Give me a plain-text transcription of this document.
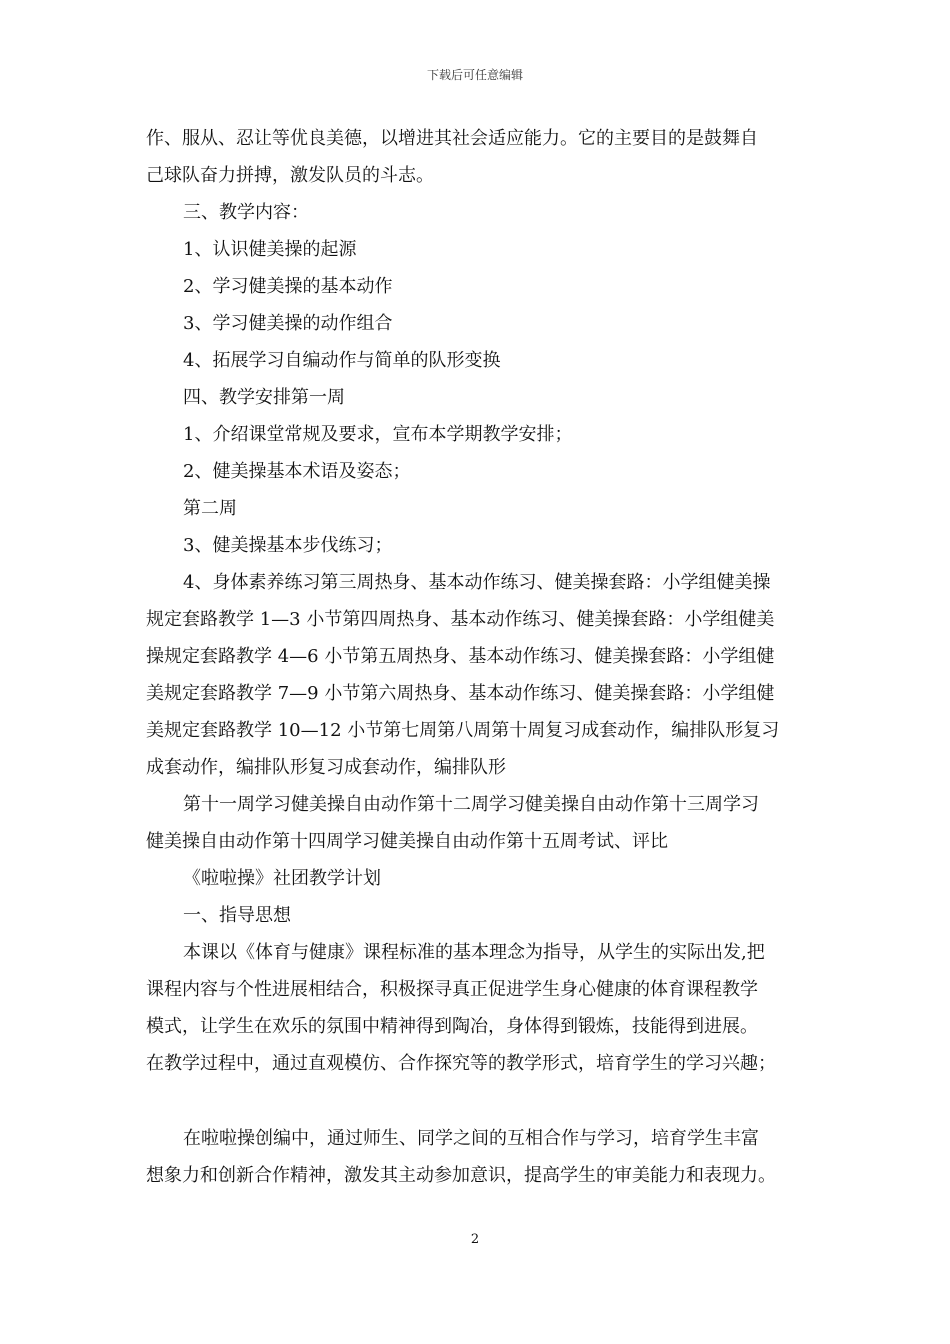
下载后可任意编辑
作、服从、忍让等优良美德，以增进其社会适应能力。它的主要目的是鼓舞自
己球队奋力拼搏，激发队员的斗志。
三、教学内容：
1、认识健美操的起源
2、学习健美操的基本动作
3、学习健美操的动作组合
4、拓展学习自编动作与简单的队形变换
四、教学安排第一周
1、介绍课堂常规及要求，宣布本学期教学安排；
2、健美操基本术语及姿态；
第二周
3、健美操基本步伐练习；
4、身体素养练习第三周热身、基本动作练习、健美操套路：小学组健美操
规定套路教学 1—3 小节第四周热身、基本动作练习、健美操套路：小学组健美
操规定套路教学 4—6 小节第五周热身、基本动作练习、健美操套路：小学组健
美规定套路教学 7—9 小节第六周热身、基本动作练习、健美操套路：小学组健
美规定套路教学 10—12 小节第七周第八周第十周复习成套动作，编排队形复习
成套动作，编排队形复习成套动作，编排队形
第十一周学习健美操自由动作第十二周学习健美操自由动作第十三周学习
健美操自由动作第十四周学习健美操自由动作第十五周考试、评比
《啦啦操》社团教学计划
一、指导思想
本课以《体育与健康》课程标准的基本理念为指导，从学生的实际出发,把
课程内容与个性进展相结合，积极探寻真正促进学生身心健康的体育课程教学
模式，让学生在欢乐的氛围中精神得到陶冶，身体得到锻炼，技能得到进展。
在教学过程中，通过直观模仿、合作探究等的教学形式，培育学生的学习兴趣；
在啦啦操创编中，通过师生、同学之间的互相合作与学习，培育学生丰富
想象力和创新合作精神，激发其主动参加意识，提高学生的审美能力和表现力。
2
